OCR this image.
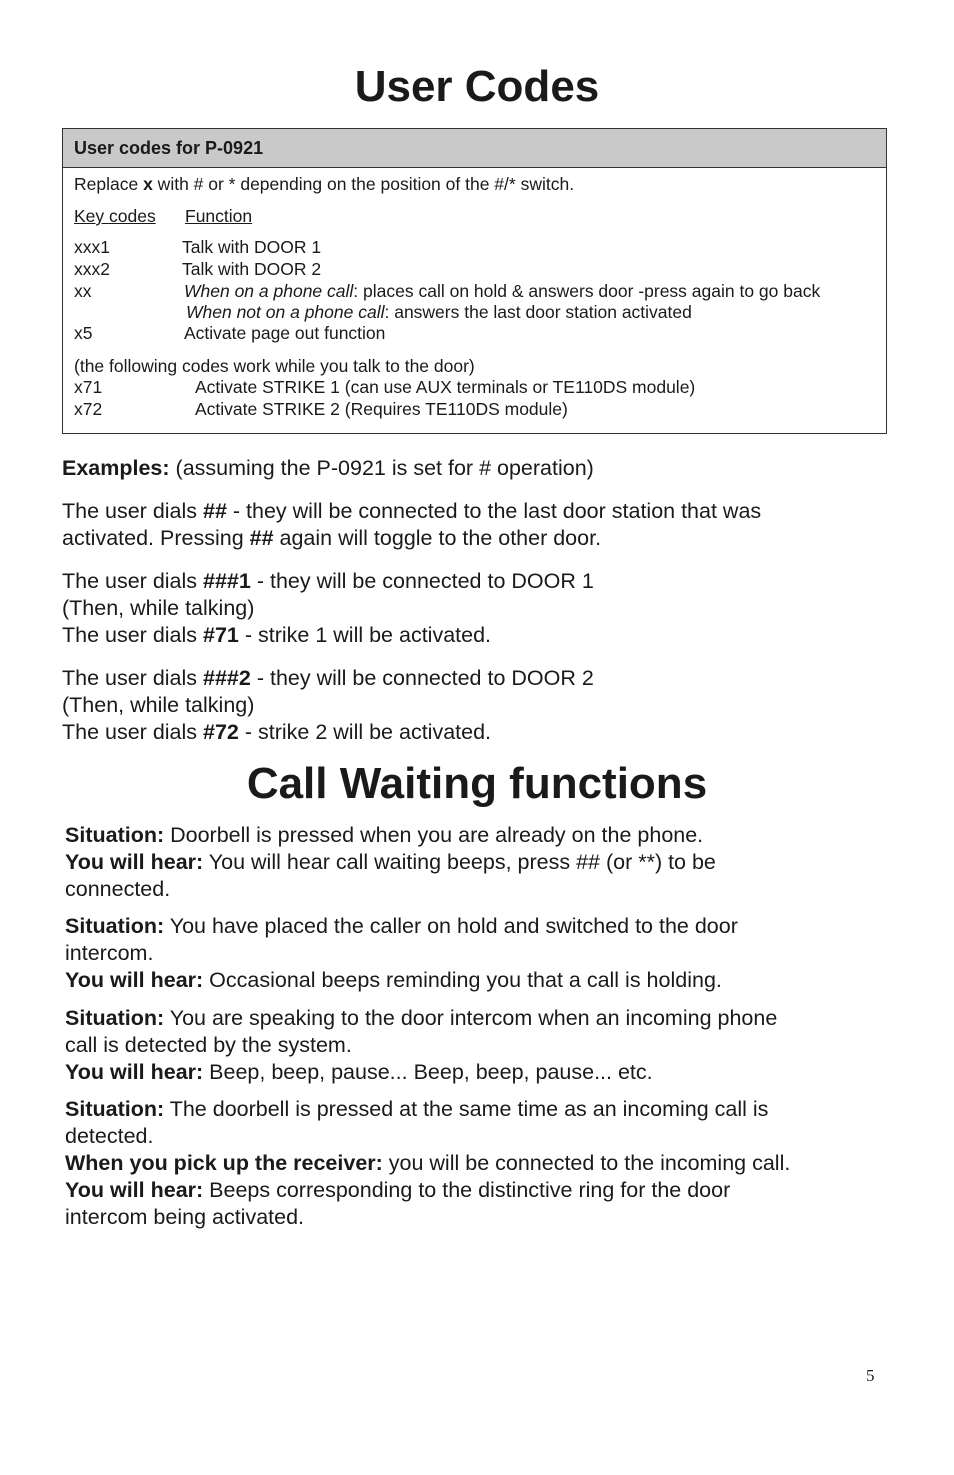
User Codes
User codes for P-0921
Replace x with # or * depending on the position of the #/* switch.
Key codes Function
xxx1	Talk with DOOR 1
xxx2	Talk with DOOR 2
xx	When on a phone call: places call on hold & answers door -press again to go back
When not on a phone call: answers the last door station activated
x5	Activate page out function
(the following codes work while you talk to the door)
x71	Activate STRIKE 1 (can use AUX terminals or TE110DS module)
x72	Activate STRIKE 2 (Requires TE110DS module)
Examples: (assuming the P-0921 is set for # operation)
The user dials ## - they will be connected to the last door station that was
activated. Pressing ## again will toggle to the other door.
The user dials ###1 - they will be connected to DOOR 1
(Then, while talking)
The user dials #71 - strike 1 will be activated.
The user dials ###2 - they will be connected to DOOR 2
(Then, while talking)
The user dials #72 - strike 2 will be activated.
Call Waiting functions
Situation: Doorbell is pressed when you are already on the phone.
You will hear: You will hear call waiting beeps, press ## (or **) to be
connected.
Situation: You have placed the caller on hold and switched to the door
intercom.
You will hear: Occasional beeps reminding you that a call is holding.
Situation: You are speaking to the door intercom when an incoming phone
call is detected by the system.
You will hear: Beep, beep, pause... Beep, beep, pause... etc.
Situation: The doorbell is pressed at the same time as an incoming call is
detected.
When you pick up the receiver: you will be connected to the incoming call.
You will hear: Beeps corresponding to the distinctive ring for the door
intercom being activated.
5
